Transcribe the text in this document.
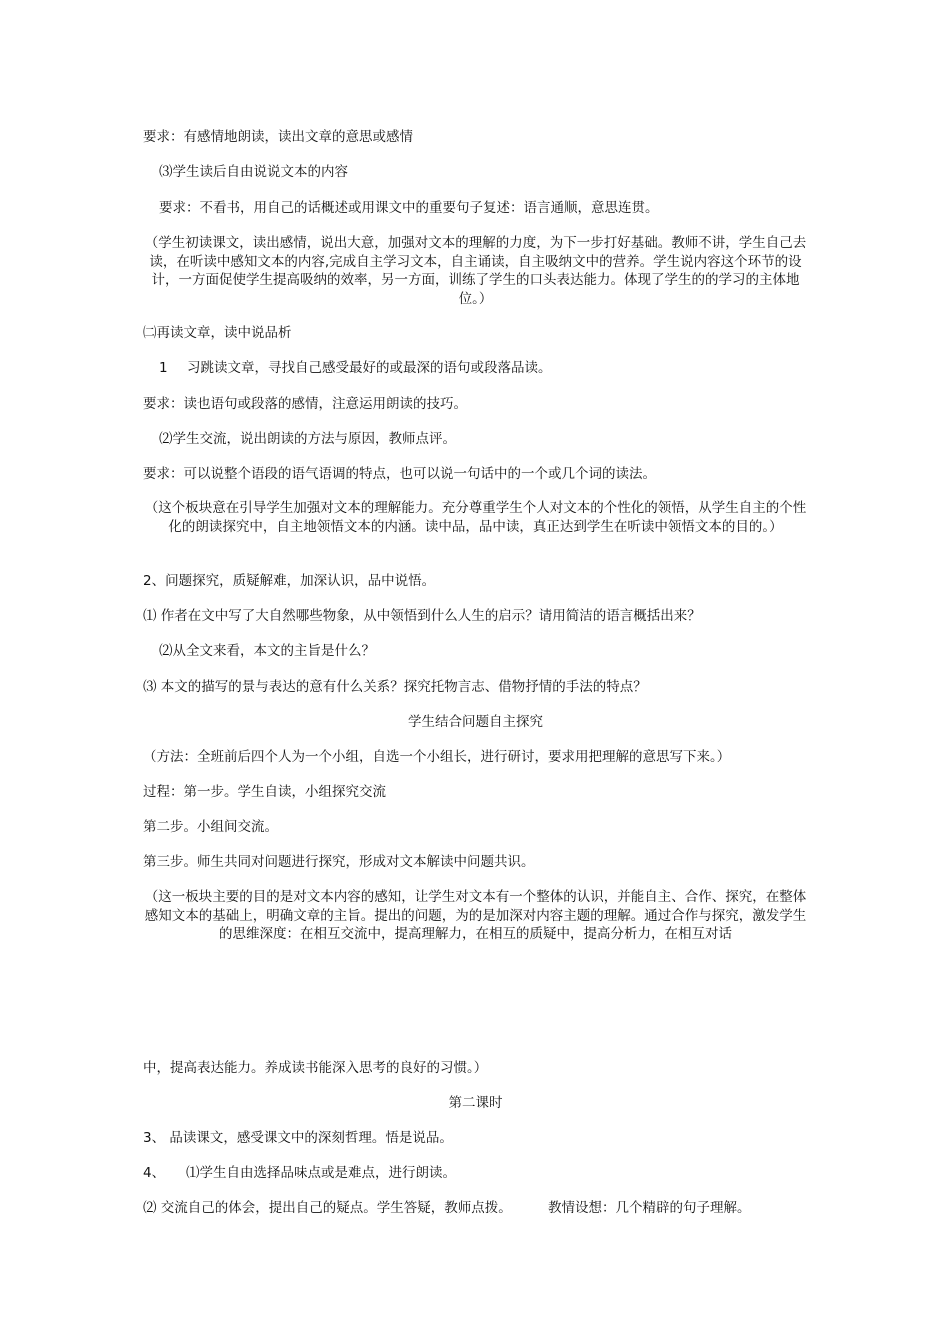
要求：有感情地朗读，读出文章的意思或感情
⑶学生读后自由说说文本的内容
要求：不看书，用自己的话概述或用课文中的重要句子复述：语言通顺，意思连贯。
（学生初读课文，读出感情，说出大意，加强对文本的理解的力度，为下一步打好基础。教师不讲，学生自己去读，在听读中感知文本的内容,完成自主学习文本，自主诵读，自主吸纳文中的营养。学生说内容这个环节的设计，一方面促使学生提高吸纳的效率，另一方面，训练了学生的口头表达能力。体现了学生的的学习的主体地位。）
㈡再读文章，读中说品析
1 习跳读文章，寻找自己感受最好的或最深的语句或段落品读。
要求：读也语句或段落的感情，注意运用朗读的技巧。
⑵学生交流，说出朗读的方法与原因，教师点评。
要求：可以说整个语段的语气语调的特点，也可以说一句话中的一个或几个词的读法。
（这个板块意在引导学生加强对文本的理解能力。充分尊重学生个人对文本的个性化的领悟，从学生自主的个性化的朗读探究中，自主地领悟文本的内涵。读中品，品中读，真正达到学生在听读中领悟文本的目的。）
2、问题探究，质疑解难，加深认识，品中说悟。
⑴ 作者在文中写了大自然哪些物象，从中领悟到什么人生的启示？请用简洁的语言概括出来？
⑵从全文来看，本文的主旨是什么？
⑶ 本文的描写的景与表达的意有什么关系？探究托物言志、借物抒情的手法的特点？
学生结合问题自主探究
（方法：全班前后四个人为一个小组，自选一个小组长，进行研讨，要求用把理解的意思写下来。）
过程：第一步。学生自读，小组探究交流
第二步。小组间交流。
第三步。师生共同对问题进行探究，形成对文本解读中问题共识。
（这一板块主要的目的是对文本内容的感知，让学生对文本有一个整体的认识，并能自主、合作、探究，在整体感知文本的基础上，明确文章的主旨。提出的问题，为的是加深对内容主题的理解。通过合作与探究，激发学生的思维深度：在相互交流中，提高理解力，在相互的质疑中，提高分析力，在相互对话
中，提高表达能力。养成读书能深入思考的良好的习惯。）
第二课时
3、 品读课文，感受课文中的深刻哲理。悟是说品。
4、 ⑴学生自由选择品味点或是难点，进行朗读。
⑵ 交流自己的体会，提出自己的疑点。学生答疑，教师点拨。	教情设想：几个精辟的句子理解。
